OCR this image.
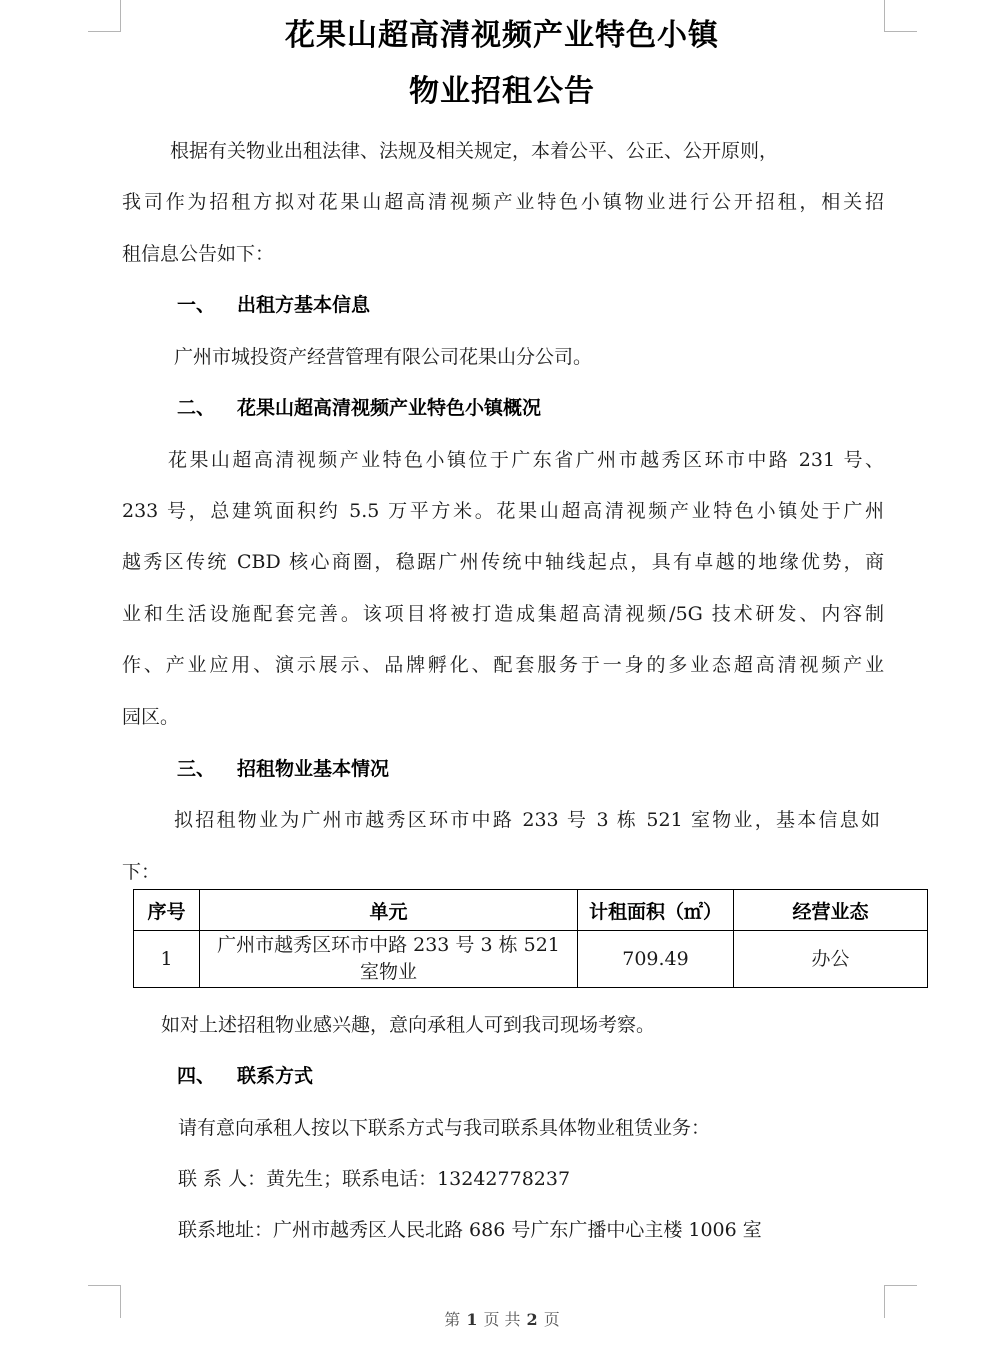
花果山超高清视频产业特色小镇
物业招租公告
根据有关物业出租法律、法规及相关规定，本着公平、公正、公开原则，
我司作为招租方拟对花果山超高清视频产业特色小镇物业进行公开招租，相关招
租信息公告如下：
一、 出租方基本信息
广州市城投资产经营管理有限公司花果山分公司。
二、 花果山超高清视频产业特色小镇概况
花果山超高清视频产业特色小镇位于广东省广州市越秀区环市中路 231 号、
233 号，总建筑面积约 5.5 万平方米。花果山超高清视频产业特色小镇处于广州
越秀区传统 CBD 核心商圈，稳踞广州传统中轴线起点，具有卓越的地缘优势，商
业和生活设施配套完善。该项目将被打造成集超高清视频/5G 技术研发、内容制
作、产业应用、演示展示、品牌孵化、配套服务于一身的多业态超高清视频产业
园区。
三、 招租物业基本情况
拟招租物业为广州市越秀区环市中路 233 号 3 栋 521 室物业，基本信息如
下：
序号	单元	计租面积（㎡）	经营业态
1	广州市越秀区环市中路 233 号 3 栋 521
室物业	709.49	办公
如对上述招租物业感兴趣，意向承租人可到我司现场考察。
四、 联系方式
请有意向承租人按以下联系方式与我司联系具体物业租赁业务：
联 系 人：黄先生；联系电话：13242778237
联系地址：广州市越秀区人民北路 686 号广东广播中心主楼 1006 室
第 1 页 共 2 页
